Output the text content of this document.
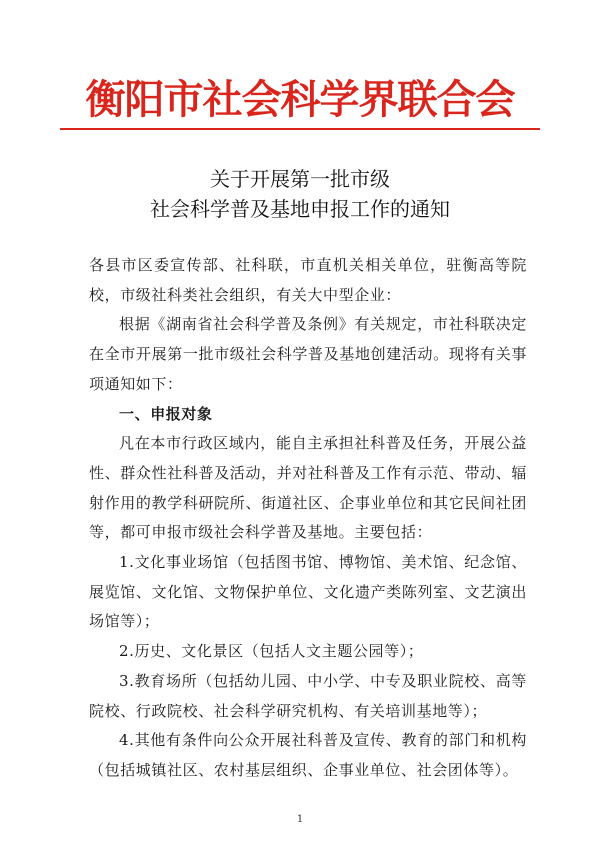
衡阳市社会科学界联合会
关于开展第一批市级
社会科学普及基地申报工作的通知

各县市区委宣传部、社科联，市直机关相关单位，驻衡高等院校，市级社科类社会组织，有关大中型企业：

根据《湖南省社会科学普及条例》有关规定，市社科联决定在全市开展第一批市级社会科学普及基地创建活动。现将有关事项通知如下：

一、申报对象

凡在本市行政区域内，能自主承担社科普及任务，开展公益性、群众性社科普及活动，并对社科普及工作有示范、带动、辐射作用的教学科研院所、街道社区、企事业单位和其它民间社团等，都可申报市级社会科学普及基地。主要包括：

1.文化事业场馆（包括图书馆、博物馆、美术馆、纪念馆、展览馆、文化馆、文物保护单位、文化遗产类陈列室、文艺演出场馆等）；

2.历史、文化景区（包括人文主题公园等）；

3.教育场所（包括幼儿园、中小学、中专及职业院校、高等院校、行政院校、社会科学研究机构、有关培训基地等）；

4.其他有条件向公众开展社科普及宣传、教育的部门和机构（包括城镇社区、农村基层组织、企事业单位、社会团体等）。

1
